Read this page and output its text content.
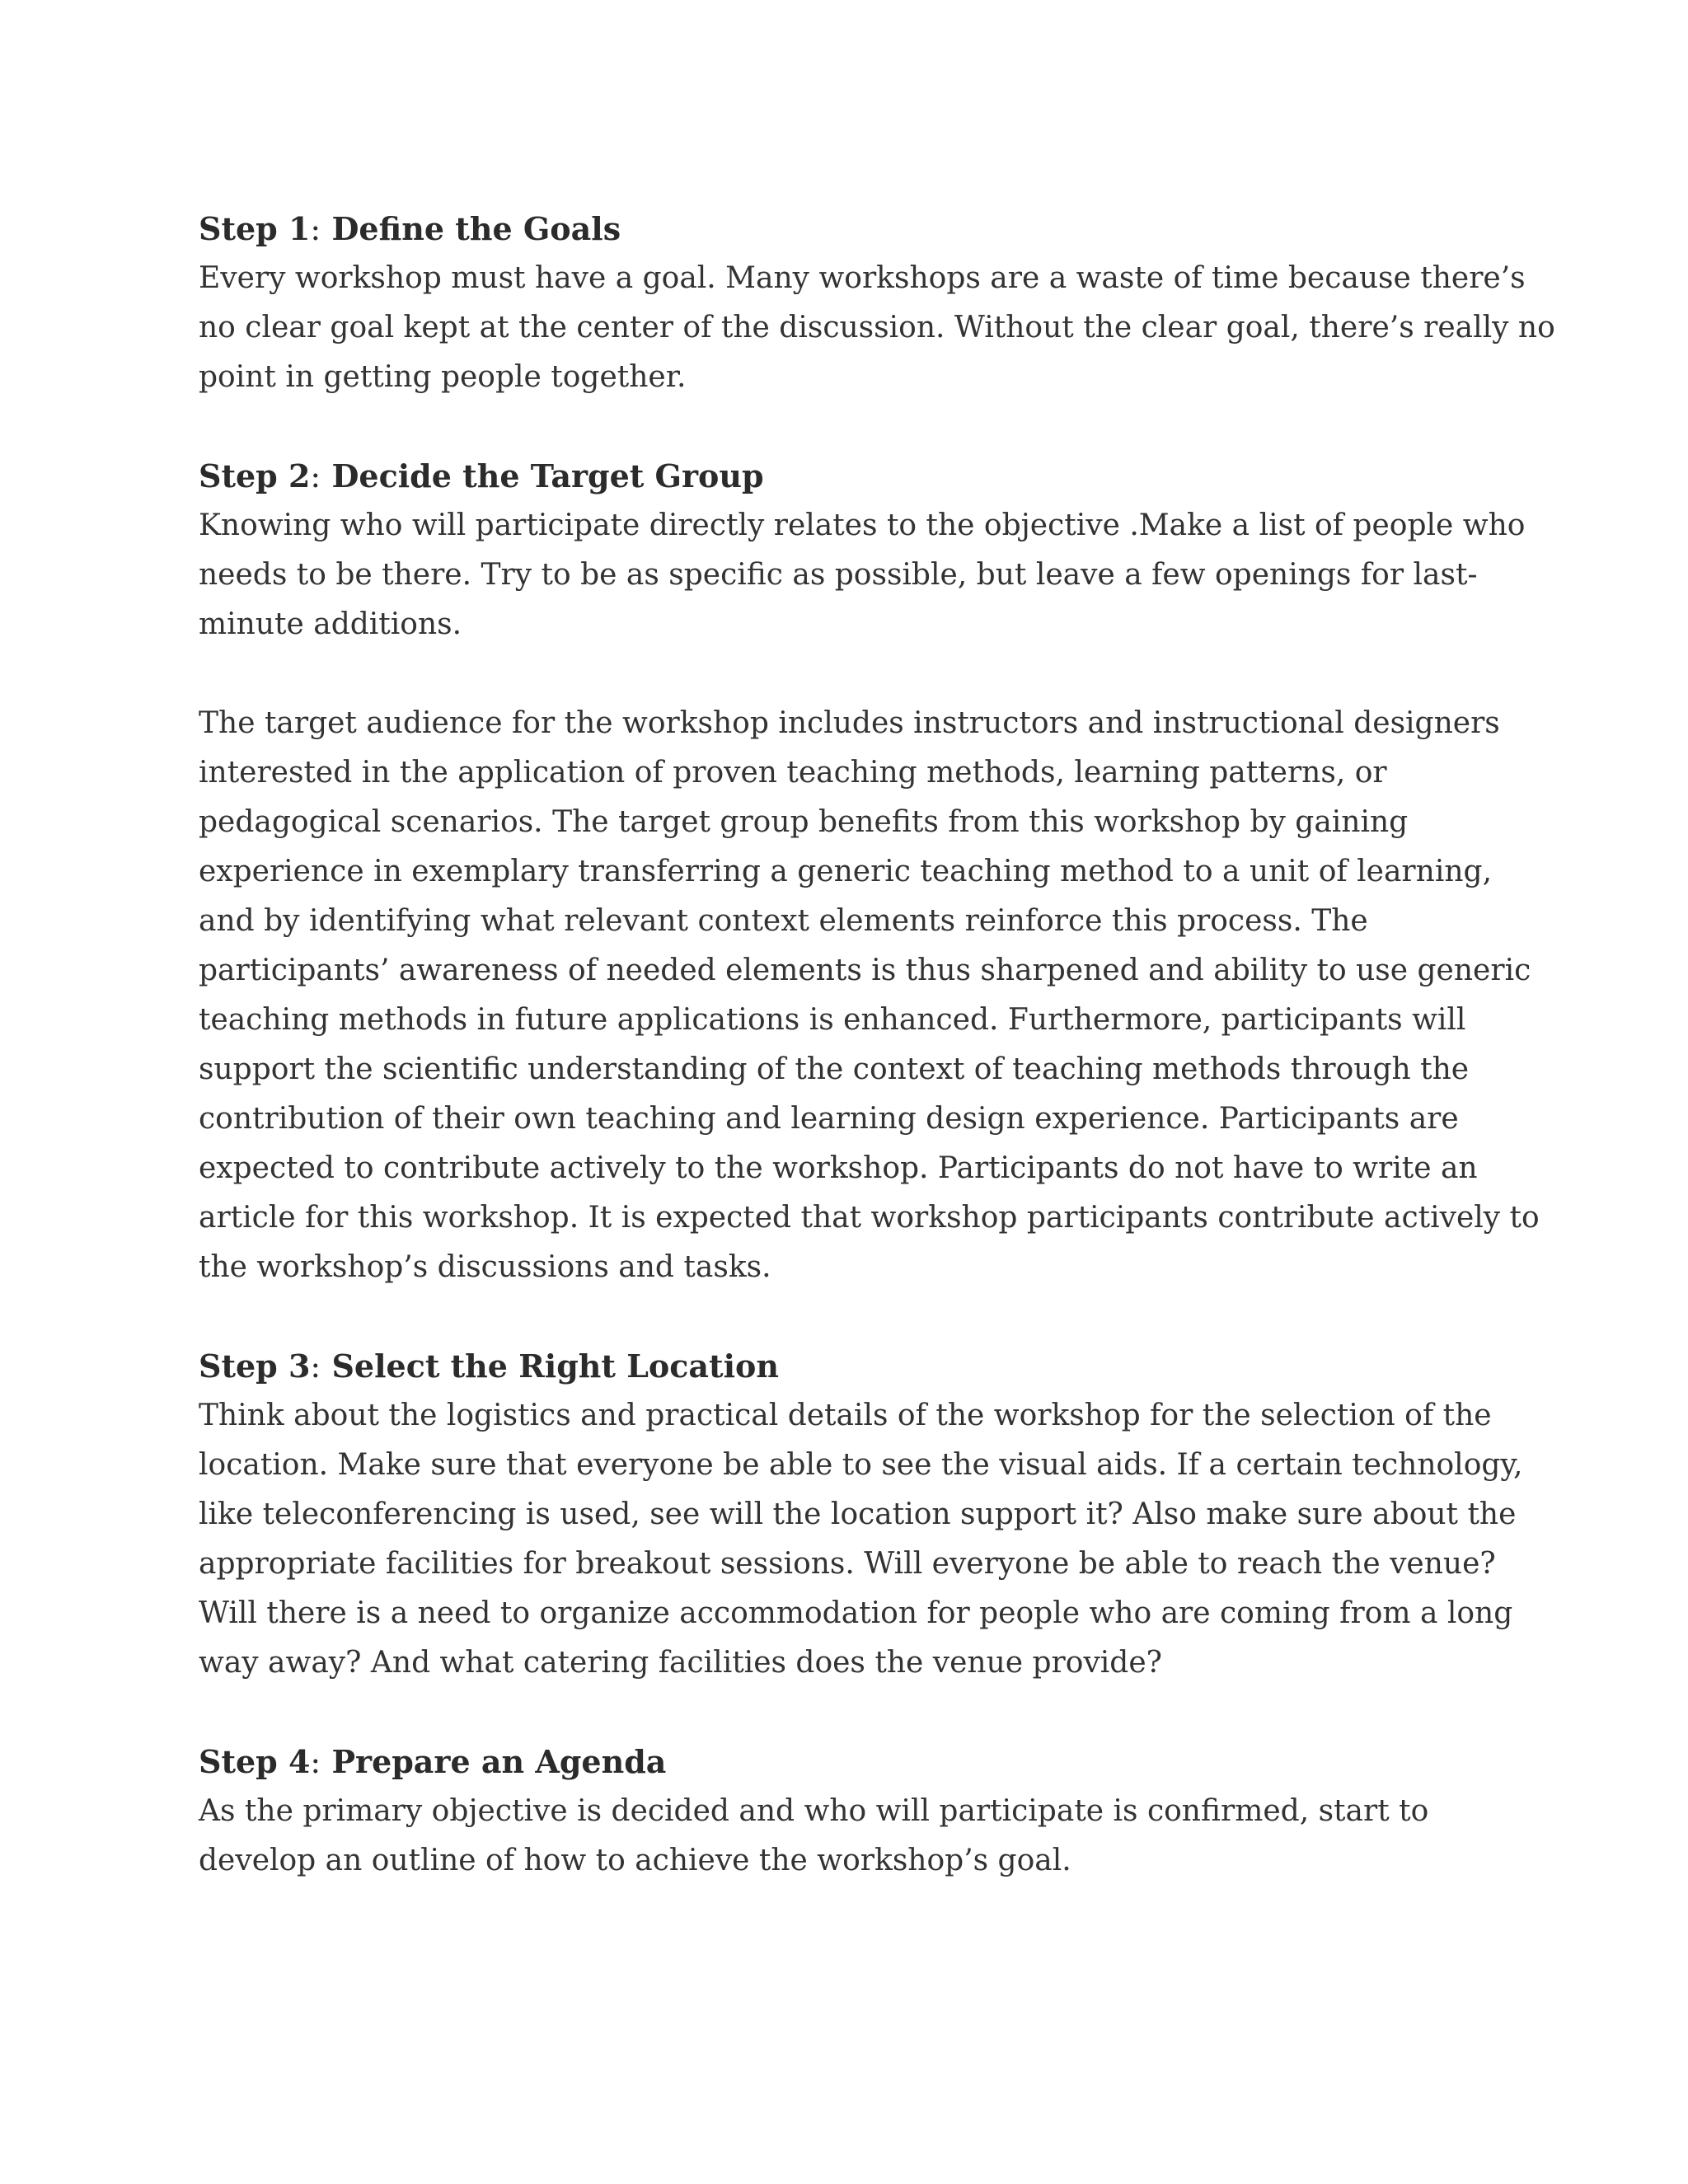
Step 1: Define the Goals
Every workshop must have a goal. Many workshops are a waste of time because there’s
no clear goal kept at the center of the discussion. Without the clear goal, there’s really no
point in getting people together.
Step 2: Decide the Target Group
Knowing who will participate directly relates to the objective .Make a list of people who
needs to be there. Try to be as specific as possible, but leave a few openings for last-
minute additions.
The target audience for the workshop includes instructors and instructional designers
interested in the application of proven teaching methods, learning patterns, or
pedagogical scenarios. The target group benefits from this workshop by gaining
experience in exemplary transferring a generic teaching method to a unit of learning,
and by identifying what relevant context elements reinforce this process. The
participants’ awareness of needed elements is thus sharpened and ability to use generic
teaching methods in future applications is enhanced. Furthermore, participants will
support the scientific understanding of the context of teaching methods through the
contribution of their own teaching and learning design experience. Participants are
expected to contribute actively to the workshop. Participants do not have to write an
article for this workshop. It is expected that workshop participants contribute actively to
the workshop’s discussions and tasks.
Step 3: Select the Right Location
Think about the logistics and practical details of the workshop for the selection of the
location. Make sure that everyone be able to see the visual aids. If a certain technology,
like teleconferencing is used, see will the location support it? Also make sure about the
appropriate facilities for breakout sessions. Will everyone be able to reach the venue?
Will there is a need to organize accommodation for people who are coming from a long
way away? And what catering facilities does the venue provide?
Step 4: Prepare an Agenda
As the primary objective is decided and who will participate is confirmed, start to
develop an outline of how to achieve the workshop’s goal.
